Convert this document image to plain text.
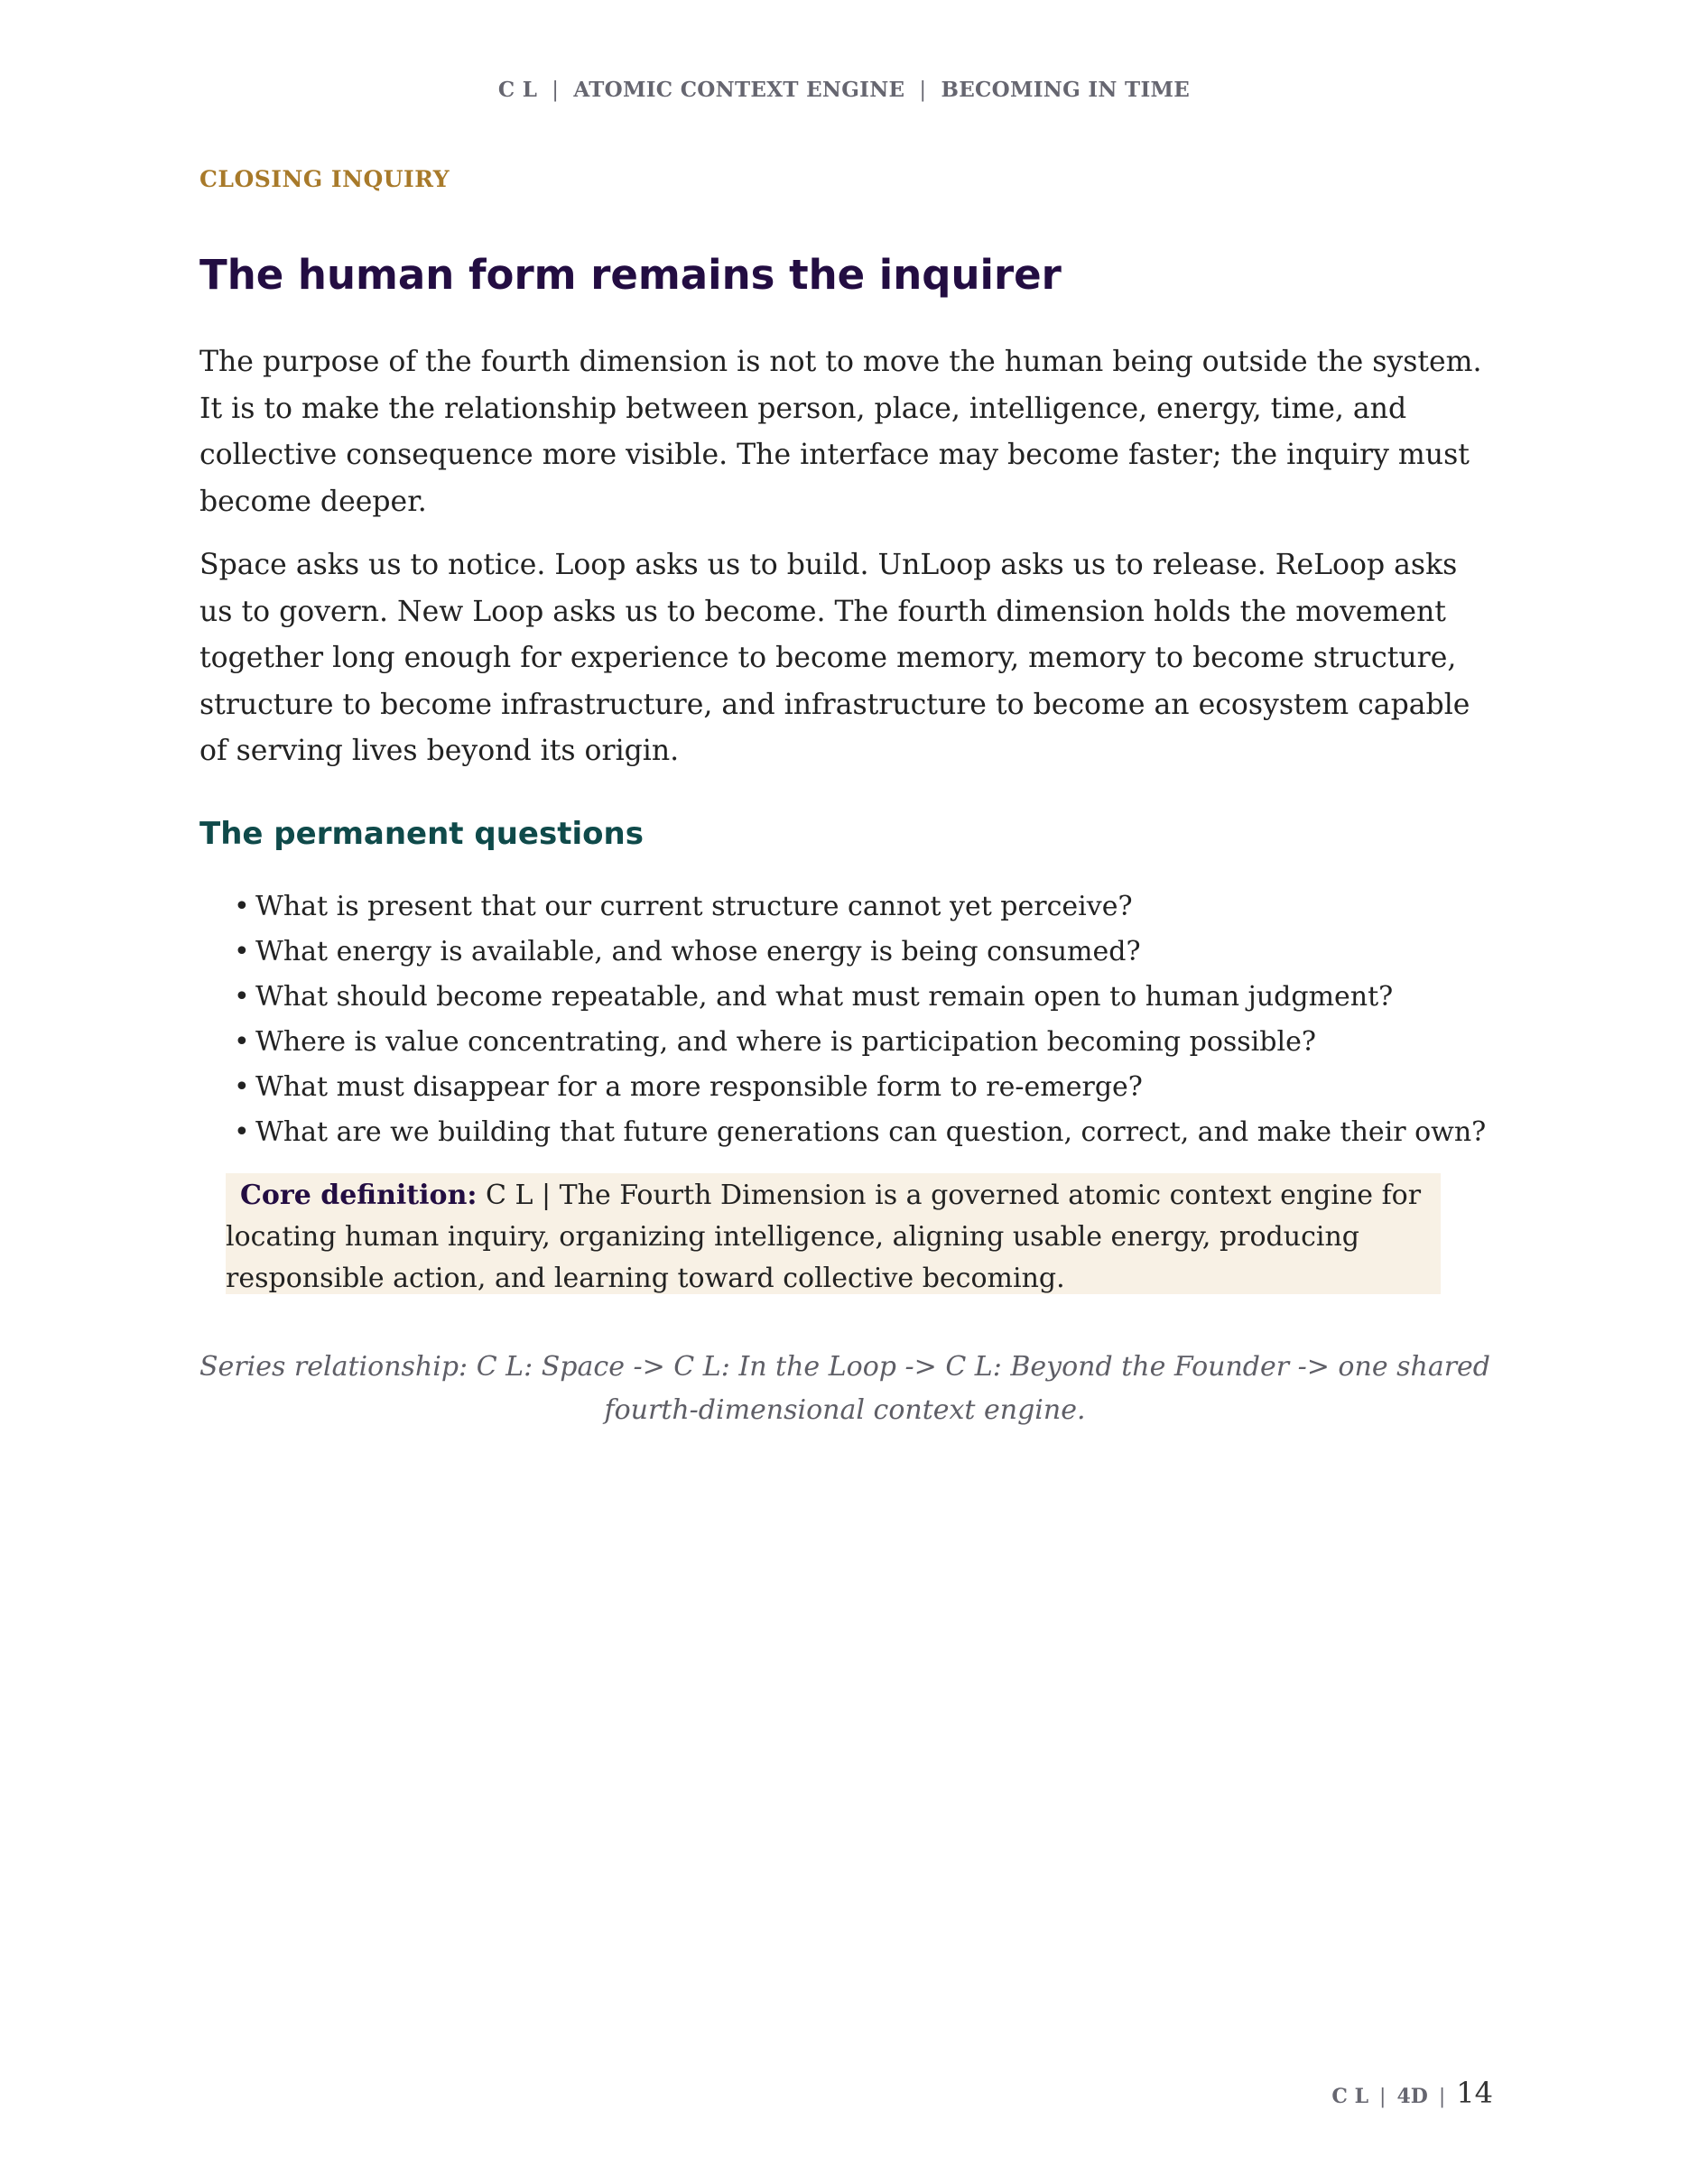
C L | ATOMIC CONTEXT ENGINE | BECOMING IN TIME
CLOSING INQUIRY
The human form remains the inquirer

The purpose of the fourth dimension is not to move the human being outside the system. It is to make the relationship between person, place, intelligence, energy, time, and collective consequence more visible. The interface may become faster; the inquiry must become deeper.

Space asks us to notice. Loop asks us to build. UnLoop asks us to release. ReLoop asks us to govern. New Loop asks us to become. The fourth dimension holds the movement together long enough for experience to become memory, memory to become structure, structure to become infrastructure, and infrastructure to become an ecosystem capable of serving lives beyond its origin.

The permanent questions
• What is present that our current structure cannot yet perceive?
• What energy is available, and whose energy is being consumed?
• What should become repeatable, and what must remain open to human judgment?
• Where is value concentrating, and where is participation becoming possible?
• What must disappear for a more responsible form to re-emerge?
• What are we building that future generations can question, correct, and make their own?
Core definition: C L | The Fourth Dimension is a governed atomic context engine for locating human inquiry, organizing intelligence, aligning usable energy, producing responsible action, and learning toward collective becoming.

Series relationship: C L: Space -> C L: In the Loop -> C L: Beyond the Founder -> one shared fourth-dimensional context engine.

C L | 4D | 14
